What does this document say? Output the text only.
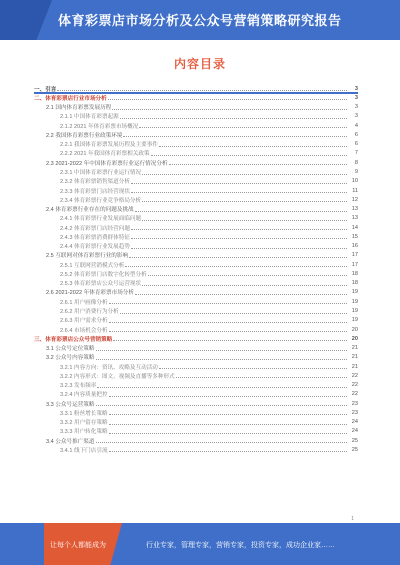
体育彩票店市场分析及公众号营销策略研究报告
内容目录
一、引言	3
二、体育彩票店行业市场分析	3
2.1 国内体育彩票发展历程	3
2.1.1 中国体育彩票起源	3
2.1.2 2021 年体育彩票市场概况	4
2.2 我国体育彩票行业政策环境	6
2.2.1 我国体育彩票发展历程及主要事件	6
2.2.2 2021 年我国体育彩票相关政策	7
2.3 2021-2022 年中国体育彩票行业运行情况分析	8
2.3.1 中国体育彩票行业运行情况	9
2.3.2 体育彩票销售渠道分析	10
2.3.3 体育彩票门店经营现状	11
2.3.4 体育彩票行业竞争格局分析	12
2.4 体育彩票行业存在的问题及挑战	13
2.4.1 体育彩票行业发展面临问题	13
2.4.2 体育彩票门店经营问题	14
2.4.3 体育彩票消费群体特征	15
2.4.4 体育彩票行业发展趋势	16
2.5 互联网对体育彩票行业的影响	17
2.5.1 互联网营销模式分析	17
2.5.2 体育彩票门店数字化转型分析	18
2.5.3 体育彩票店公众号运营现状	18
2.6 2021-2022 年体育彩票市场分析	19
2.6.1 用户画像分析	19
2.6.2 用户消费行为分析	19
2.6.3 用户需求分析	19
2.6.4 市场机会分析	20
三、体育彩票店公众号营销策略	20
3.1 公众号定位策略	21
3.2 公众号内容策略	21
3.2.1 内容方向：资讯、攻略及互动活动	21
3.2.2 内容形式：图文、视频及直播等多种形式	22
3.2.3 发布频率	22
3.2.4 内容质量把控	22
3.3 公众号运营策略	23
3.3.1 粉丝增长策略	23
3.3.2 用户留存策略	24
3.3.3 用户转化策略	24
3.4 公众号推广渠道	25
3.4.1 线下门店引流	25
1
让每个人都能成为	行业专家，管理专家，营销专家，投资专家，成功企业家……
